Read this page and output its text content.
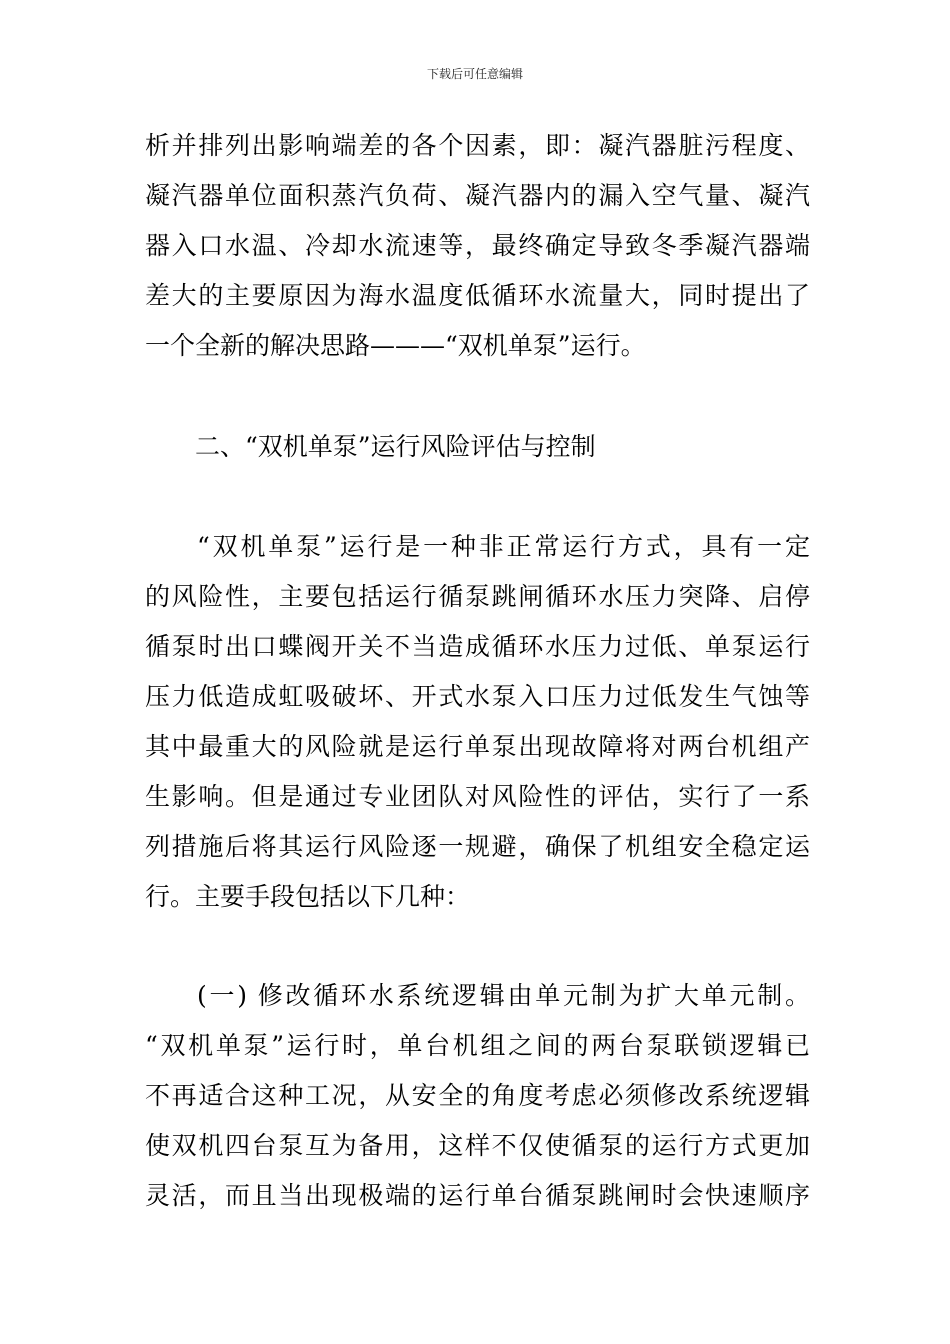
下载后可任意编辑
析并排列出影响端差的各个因素，即：凝汽器脏污程度、
凝汽器单位面积蒸汽负荷、凝汽器内的漏入空气量、凝汽
器入口水温、冷却水流速等，最终确定导致冬季凝汽器端
差大的主要原因为海水温度低循环水流量大，同时提出了
一个全新的解决思路———“双机单泵”运行。
二、“双机单泵”运行风险评估与控制
“双机单泵”运行是一种非正常运行方式，具有一定
的风险性，主要包括运行循泵跳闸循环水压力突降、启停
循泵时出口蝶阀开关不当造成循环水压力过低、单泵运行
压力低造成虹吸破坏、开式水泵入口压力过低发生气蚀等
其中最重大的风险就是运行单泵出现故障将对两台机组产
生影响。但是通过专业团队对风险性的评估，实行了一系
列措施后将其运行风险逐一规避，确保了机组安全稳定运
行。主要手段包括以下几种：
(一) 修改循环水系统逻辑由单元制为扩大单元制。
“双机单泵”运行时，单台机组之间的两台泵联锁逻辑已
不再适合这种工况，从安全的角度考虑必须修改系统逻辑
使双机四台泵互为备用，这样不仅使循泵的运行方式更加
灵活，而且当出现极端的运行单台循泵跳闸时会快速顺序
